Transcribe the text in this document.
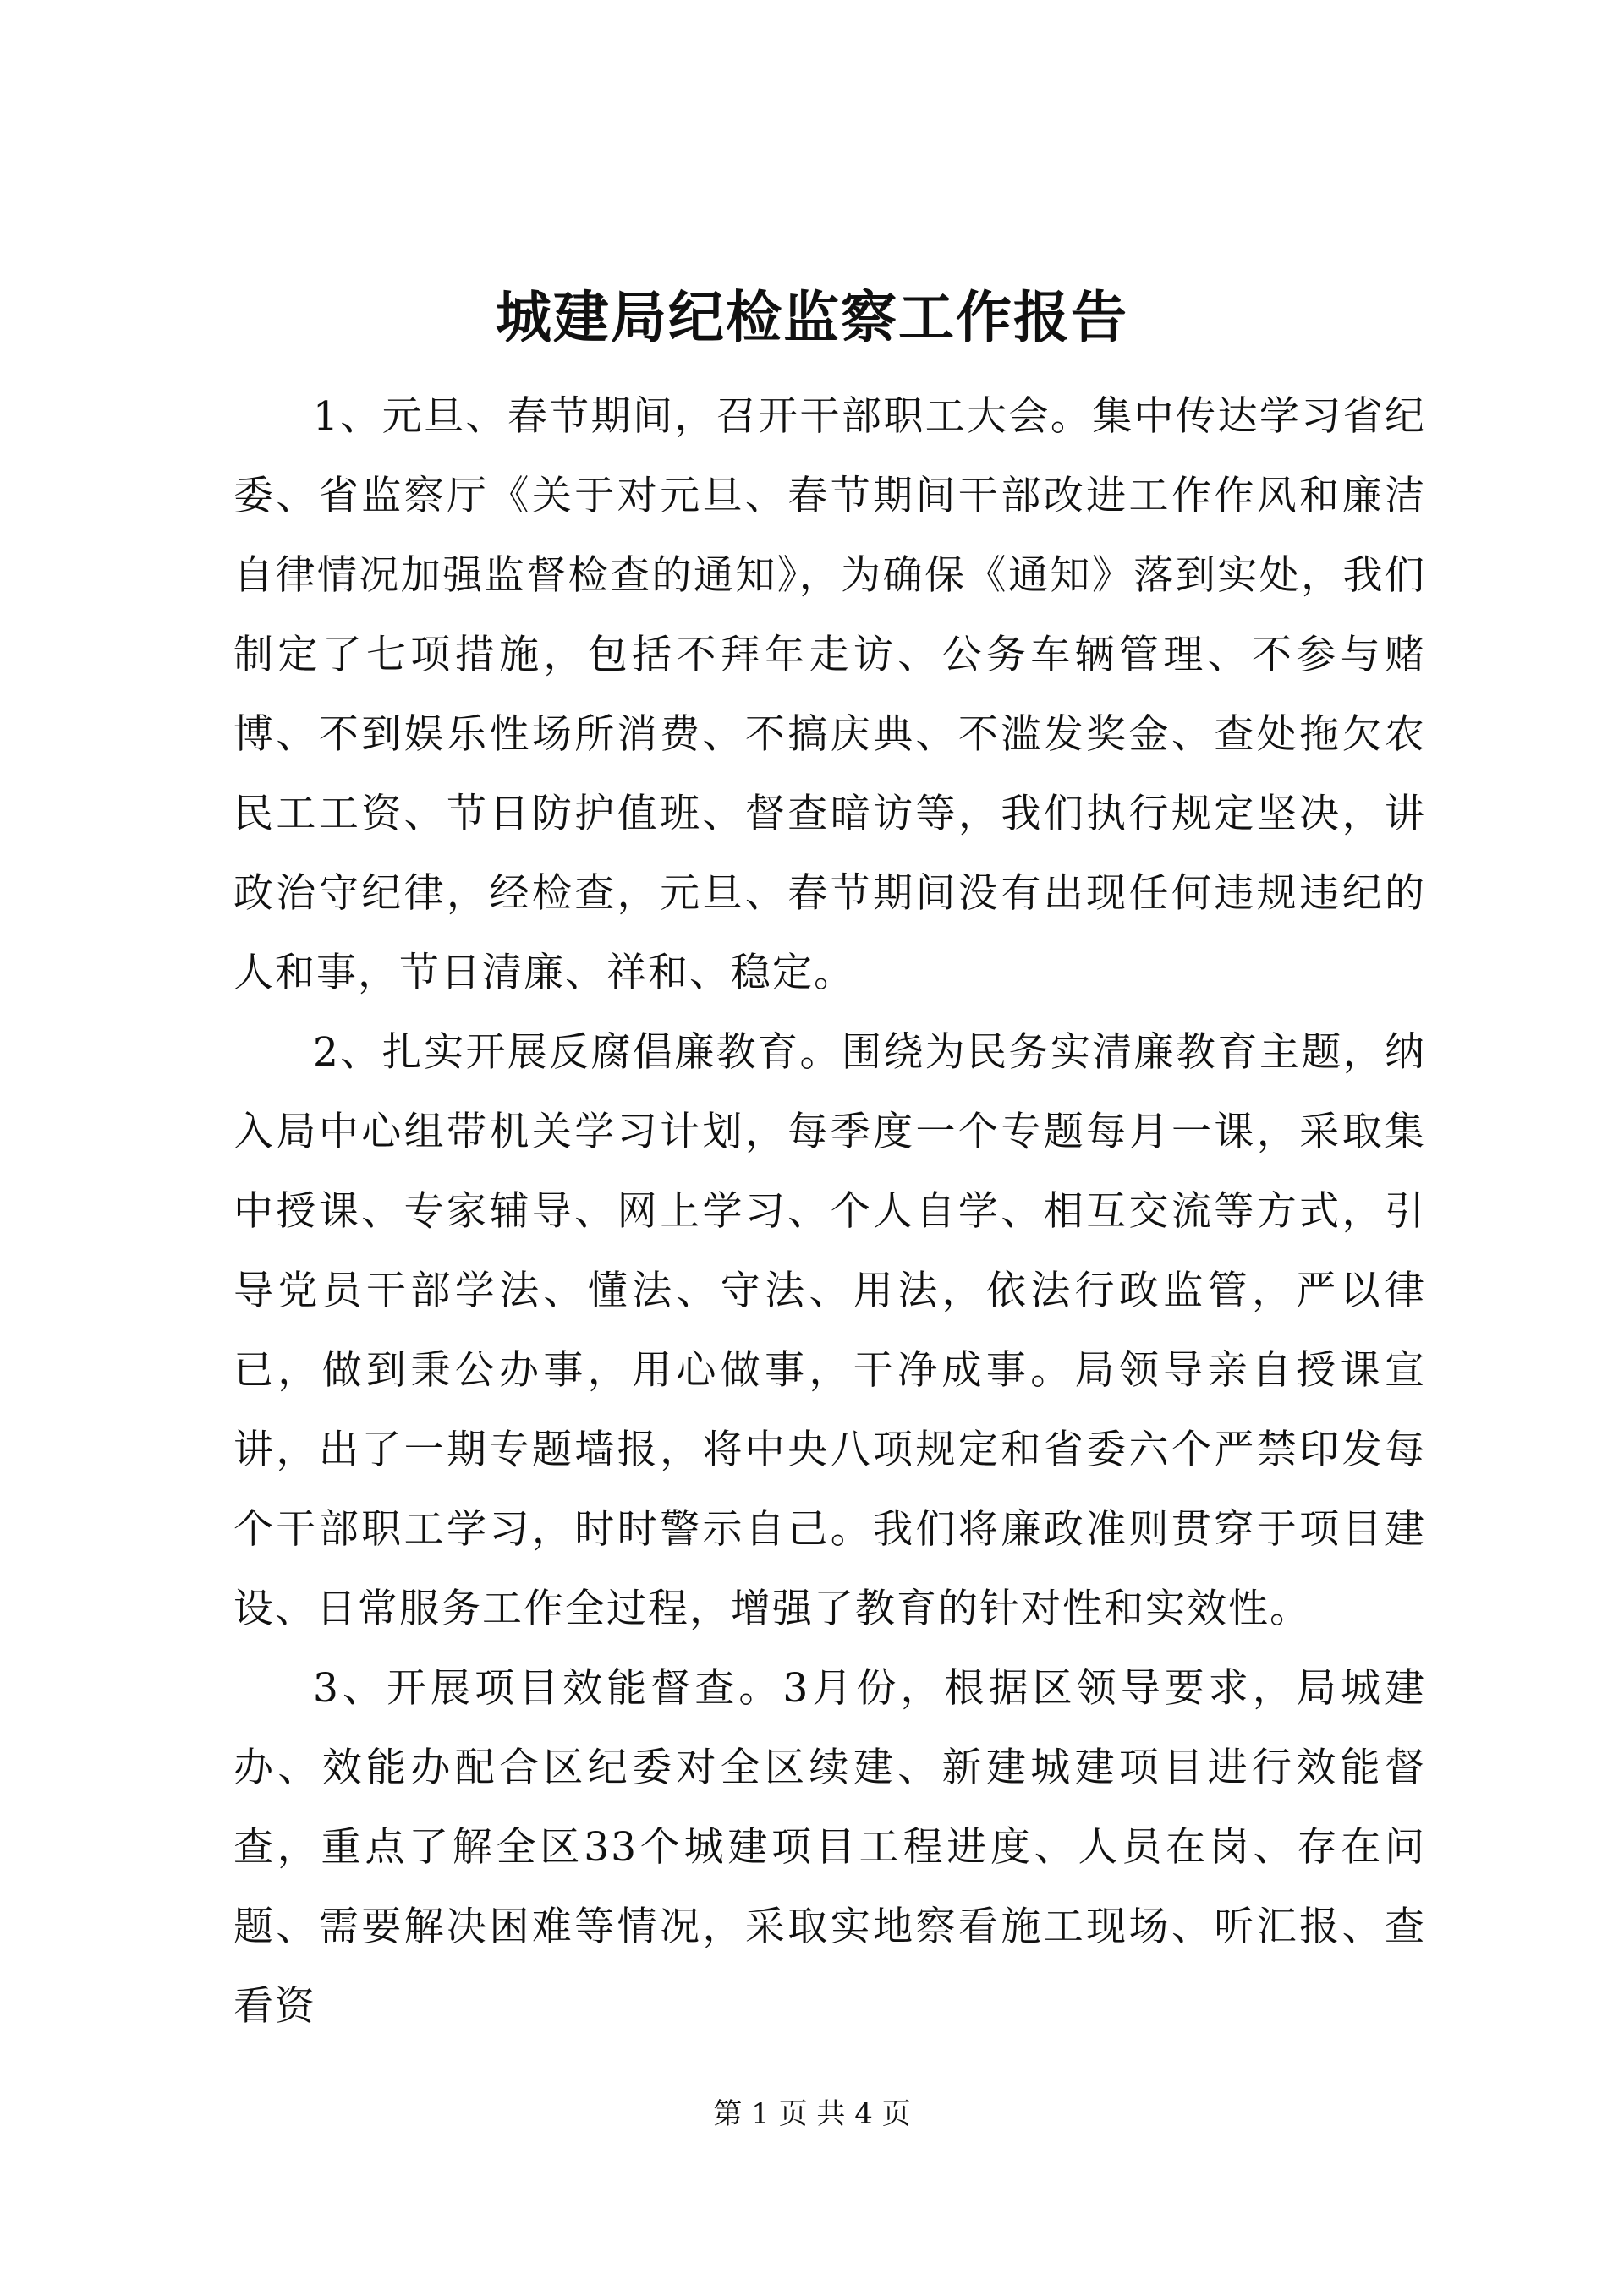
城建局纪检监察工作报告

1、元旦、春节期间，召开干部职工大会。集中传达学习省纪委、省监察厅《关于对元旦、春节期间干部改进工作作风和廉洁自律情况加强监督检查的通知》，为确保《通知》落到实处，我们制定了七项措施，包括不拜年走访、公务车辆管理、不参与赌博、不到娱乐性场所消费、不搞庆典、不滥发奖金、查处拖欠农民工工资、节日防护值班、督查暗访等，我们执行规定坚决，讲政治守纪律，经检查，元旦、春节期间没有出现任何违规违纪的人和事，节日清廉、祥和、稳定。

2、扎实开展反腐倡廉教育。围绕为民务实清廉教育主题，纳入局中心组带机关学习计划，每季度一个专题每月一课，采取集中授课、专家辅导、网上学习、个人自学、相互交流等方式，引导党员干部学法、懂法、守法、用法，依法行政监管，严以律已，做到秉公办事，用心做事，干净成事。局领导亲自授课宣讲，出了一期专题墙报，将中央八项规定和省委六个严禁印发每个干部职工学习，时时警示自己。我们将廉政准则贯穿于项目建设、日常服务工作全过程，增强了教育的针对性和实效性。

3、开展项目效能督查。3月份，根据区领导要求，局城建办、效能办配合区纪委对全区续建、新建城建项目进行效能督查，重点了解全区33个城建项目工程进度、人员在岗、存在问题、需要解决困难等情况，采取实地察看施工现场、听汇报、查看资

第 1 页 共 4 页
